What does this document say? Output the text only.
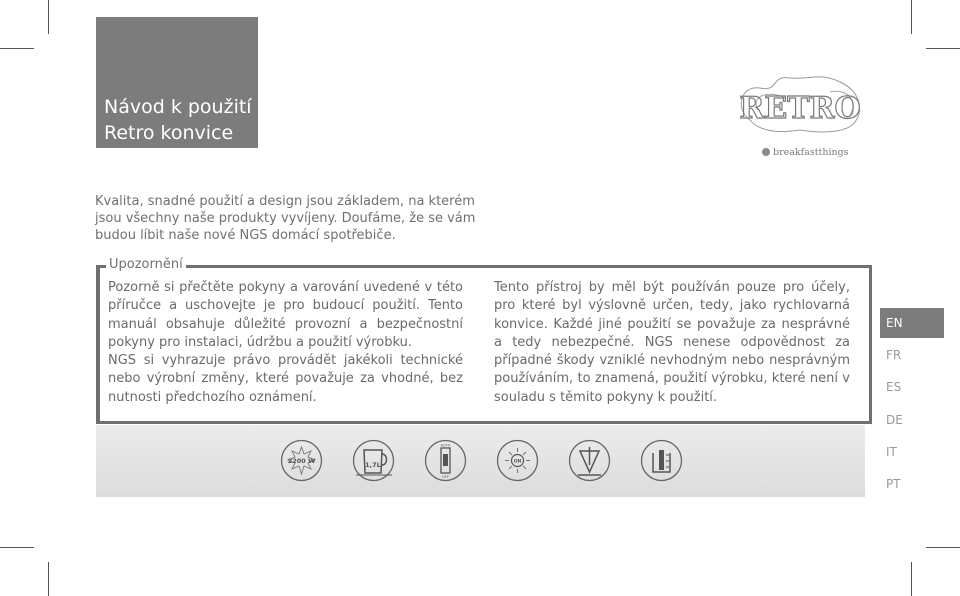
Návod k použití
Retro konvice
RETRO
breakfastthings

Kvalita, snadné použití a design jsou základem, na kterém jsou všechny naše produkty vyvíjeny. Doufáme, že se vám budou líbit naše nové NGS domácí spotřebiče.

Upozornění

Pozorně si přečtěte pokyny a varování uvedené v této příručce a uschovejte je pro budoucí použití. Tento manuál obsahuje důležité provozní a bezpečnostní pokyny pro instalaci, údržbu a použití výrobku.

NGS si vyhrazuje právo provádět jakékoli technické nebo výrobní změny, které považuje za vhodné, bez nutnosti předchozího oznámení.

Tento přístroj by měl být používán pouze pro účely, pro které byl výslovně určen, tedy, jako rychlovarná konvice. Každé jiné použití se považuje za nesprávné a tedy nebezpečné. NGS nenese odpovědnost za případné škody vzniklé nevhodným nebo nesprávným používáním, to znamená, použití výrobku, které není v souladu s těmito pokyny k použití.

2200 W	1,7L
AUTO
OFF
ON
EN
FR
ES
DE
IT
PT
